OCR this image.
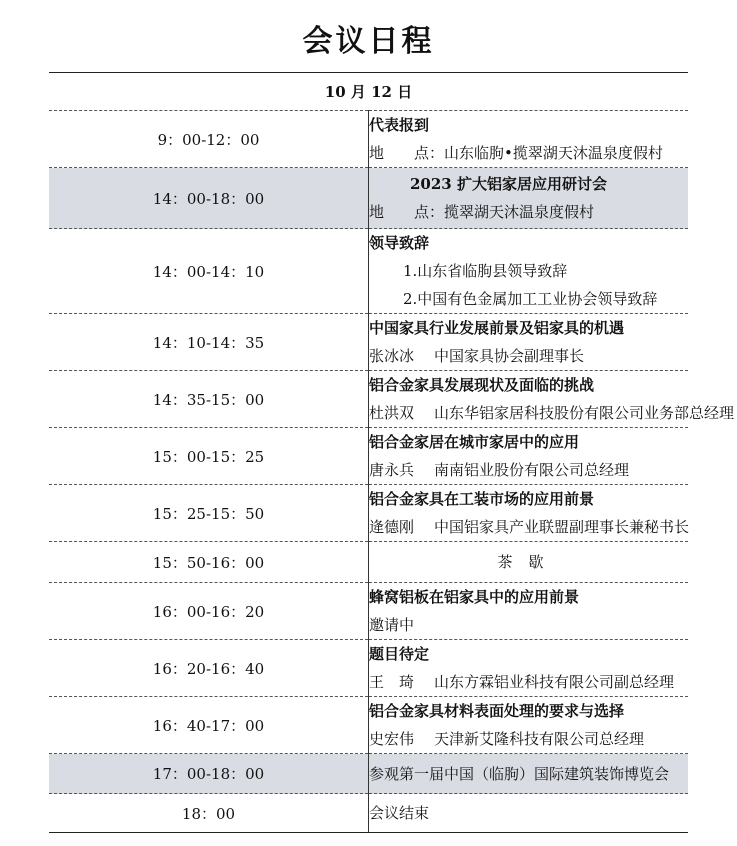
会议日程
10 月 12 日	
9：00-12：00	代表报到
地　　点：山东临朐•揽翠湖天沐温泉度假村

14：00-18：00	2023 扩大铝家居应用研讨会
地　　点：揽翠湖天沐温泉度假村

14：00-14：10	领导致辞
1.山东省临朐县领导致辞
2.中国有色金属加工工业协会领导致辞

14：10-14：35	中国家具行业发展前景及铝家具的机遇
张冰冰 中国家具协会副理事长

14：35-15：00	铝合金家具发展现状及面临的挑战
杜洪双 山东华铝家居科技股份有限公司业务部总经理

15：00-15：25	铝合金家居在城市家居中的应用
唐永兵 南南铝业股份有限公司总经理

15：25-15：50	铝合金家具在工装市场的应用前景
逄德刚 中国铝家具产业联盟副理事长兼秘书长

15：50-16：00	茶歇
16：00-16：20	蜂窝铝板在铝家具中的应用前景
邀请中

16：20-16：40	题目待定
王　琦 山东方霖铝业科技有限公司副总经理

16：40-17：00	铝合金家具材料表面处理的要求与选择
史宏伟 天津新艾隆科技有限公司总经理

17：00-18：00	参观第一届中国（临朐）国际建筑装饰博览会
18：00	会议结束
